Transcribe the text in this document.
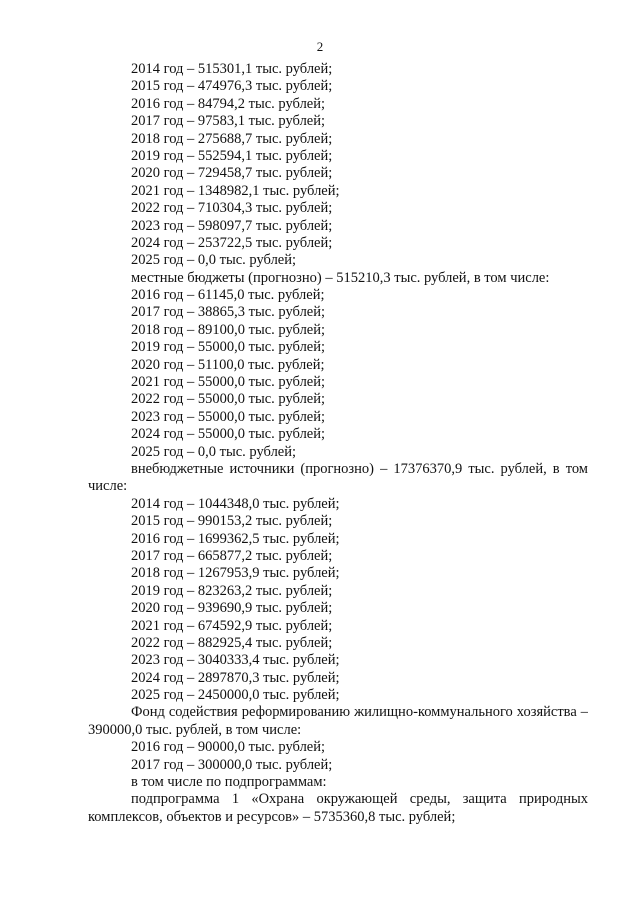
2
2014 год – 515301,1 тыс. рублей;
2015 год – 474976,3 тыс. рублей;
2016 год – 84794,2 тыс. рублей;
2017 год – 97583,1 тыс. рублей;
2018 год – 275688,7 тыс. рублей;
2019 год – 552594,1 тыс. рублей;
2020 год – 729458,7 тыс. рублей;
2021 год – 1348982,1 тыс. рублей;
2022 год – 710304,3 тыс. рублей;
2023 год – 598097,7 тыс. рублей;
2024 год – 253722,5 тыс. рублей;
2025 год – 0,0 тыс. рублей;
местные бюджеты (прогнозно) – 515210,3 тыс. рублей, в том числе:
2016 год – 61145,0 тыс. рублей;
2017 год – 38865,3 тыс. рублей;
2018 год – 89100,0 тыс. рублей;
2019 год – 55000,0 тыс. рублей;
2020 год – 51100,0 тыс. рублей;
2021 год – 55000,0 тыс. рублей;
2022 год – 55000,0 тыс. рублей;
2023 год – 55000,0 тыс. рублей;
2024 год – 55000,0 тыс. рублей;
2025 год – 0,0 тыс. рублей;
внебюджетные источники (прогнозно) – 17376370,9 тыс. рублей, в том
числе:
2014 год – 1044348,0 тыс. рублей;
2015 год – 990153,2 тыс. рублей;
2016 год – 1699362,5 тыс. рублей;
2017 год – 665877,2 тыс. рублей;
2018 год – 1267953,9 тыс. рублей;
2019 год – 823263,2 тыс. рублей;
2020 год – 939690,9 тыс. рублей;
2021 год – 674592,9 тыс. рублей;
2022 год – 882925,4 тыс. рублей;
2023 год – 3040333,4 тыс. рублей;
2024 год – 2897870,3 тыс. рублей;
2025 год – 2450000,0 тыс. рублей;
Фонд содействия реформированию жилищно-коммунального хозяйства –
390000,0 тыс. рублей, в том числе:
2016 год – 90000,0 тыс. рублей;
2017 год – 300000,0 тыс. рублей;
в том числе по подпрограммам:
подпрограмма 1 «Охрана окружающей среды, защита природных
комплексов, объектов и ресурсов» – 5735360,8 тыс. рублей;
